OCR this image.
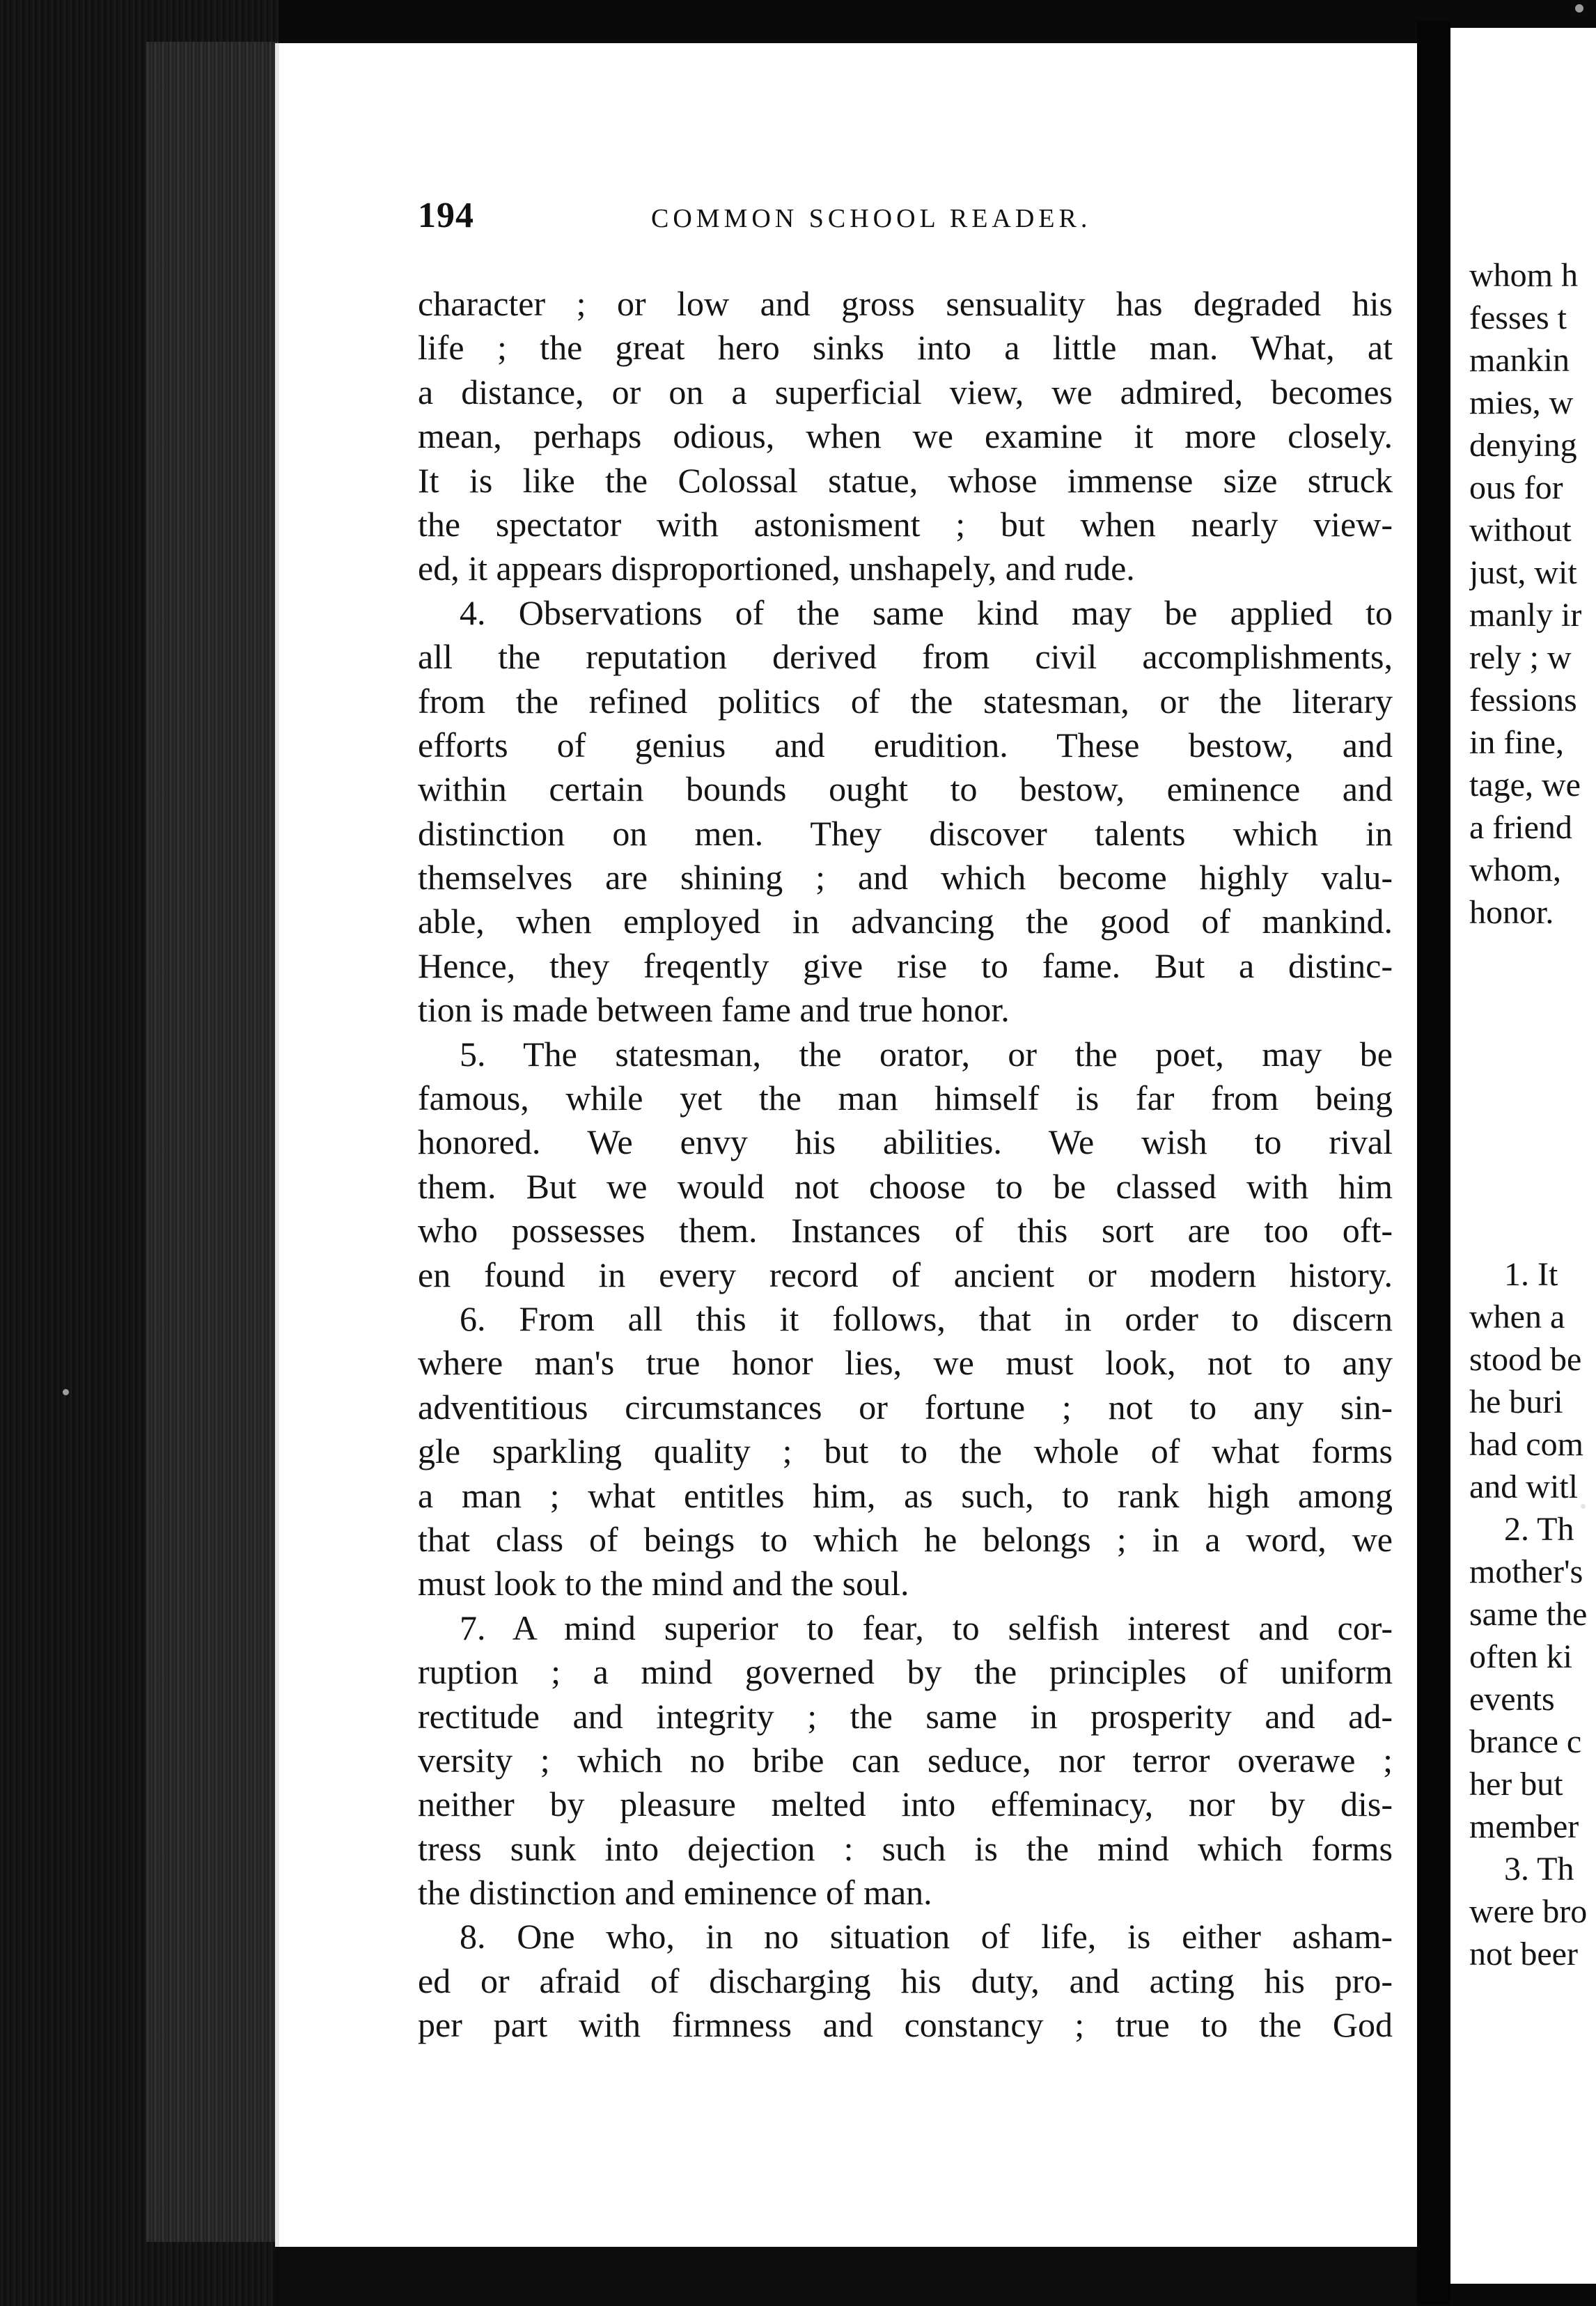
194	COMMON SCHOOL READER.
character ; or low and gross sensuality has degraded his
life ; the great hero sinks into a little man. What, at
a distance, or on a superficial view, we admired, becomes
mean, perhaps odious, when we examine it more closely.
It is like the Colossal statue, whose immense size struck
the spectator with astonisment ; but when nearly view-
ed, it appears disproportioned, unshapely, and rude.
4. Observations of the same kind may be applied to
all the reputation derived from civil accomplishments,
from the refined politics of the statesman, or the literary
efforts of genius and erudition. These bestow, and
within certain bounds ought to bestow, eminence and
distinction on men. They discover talents which in
themselves are shining ; and which become highly valu-
able, when employed in advancing the good of mankind.
Hence, they freqently give rise to fame. But a distinc-
tion is made between fame and true honor.
5. The statesman, the orator, or the poet, may be
famous, while yet the man himself is far from being
honored. We envy his abilities. We wish to rival
them. But we would not choose to be classed with him
who possesses them. Instances of this sort are too oft-
en found in every record of ancient or modern history.
6. From all this it follows, that in order to discern
where man's true honor lies, we must look, not to any
adventitious circumstances or fortune ; not to any sin-
gle sparkling quality ; but to the whole of what forms
a man ; what entitles him, as such, to rank high among
that class of beings to which he belongs ; in a word, we
must look to the mind and the soul.
7. A mind superior to fear, to selfish interest and cor-
ruption ; a mind governed by the principles of uniform
rectitude and integrity ; the same in prosperity and ad-
versity ; which no bribe can seduce, nor terror overawe ;
neither by pleasure melted into effeminacy, nor by dis-
tress sunk into dejection : such is the mind which forms
the distinction and eminence of man.
8. One who, in no situation of life, is either asham-
ed or afraid of discharging his duty, and acting his pro-
per part with firmness and constancy ; true to the God
whom h
fesses t
mankin
mies, w
denying
ous for
without
just, wit
manly ir
rely ; w
fessions
in fine,
tage, we
a friend
whom,
honor.
1. It
when a
stood be
he buri
had com
and witl
2. Th
mother's
same the
often ki
events
brance c
her but
member
3. Th
were bro
not beer
